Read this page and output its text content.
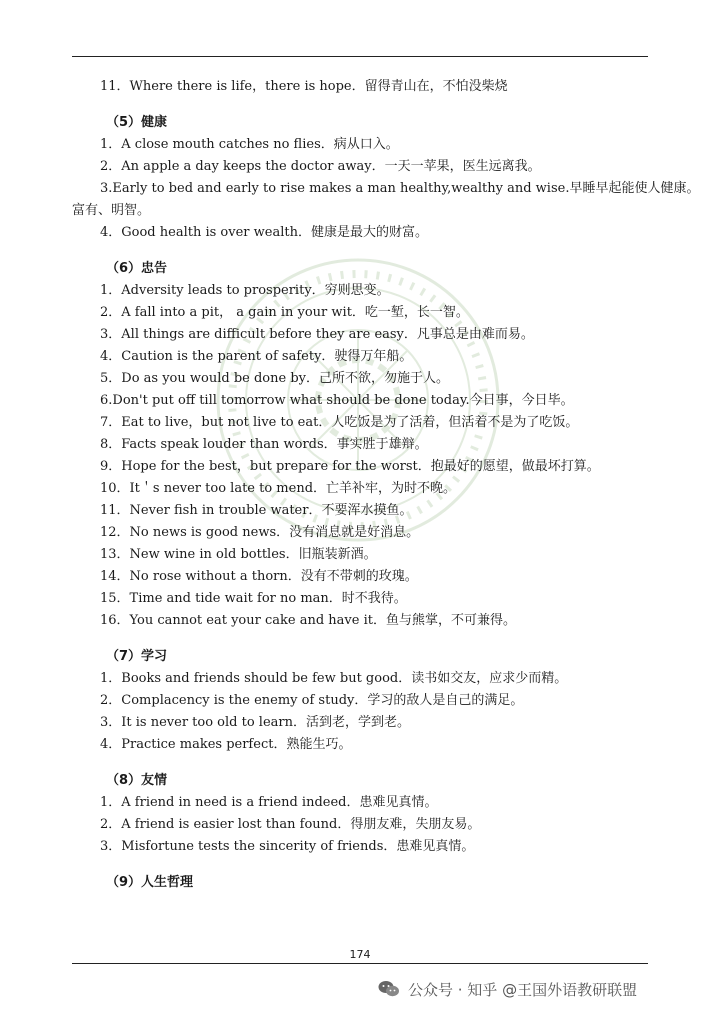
11．Where there is life，there is hope．留得青山在，不怕没柴烧
（5）健康
1．A close mouth catches no flies．病从口入。
2．An apple a day keeps the doctor away．一天一苹果，医生远离我。
3.Early to bed and early to rise makes a man healthy,wealthy and wise.早睡早起能使人健康。
富有、明智。
4．Good health is over wealth．健康是最大的财富。
（6）忠告
1．Adversity leads to prosperity．穷则思变。
2．A fall into a pit， a gain in your wit．吃一堑，长一智。
3．All things are difficult before they are easy．凡事总是由难而易。
4．Caution is the parent of safety．驶得万年船。
5．Do as you would be done by．己所不欲，勿施于人。
6.Don't put off till tomorrow what should be done today.今日事，今日毕。
7．Eat to live，but not live to eat．人吃饭是为了活着，但活着不是为了吃饭。
8．Facts speak louder than words．事实胜于雄辩。
9．Hope for the best，but prepare for the worst．抱最好的愿望，做最坏打算。
10．It＇s never too late to mend．亡羊补牢，为时不晚。
11．Never fish in trouble water．不要浑水摸鱼。
12．No news is good news．没有消息就是好消息。
13．New wine in old bottles．旧瓶装新酒。
14．No rose without a thorn．没有不带刺的玫瑰。
15．Time and tide wait for no man．时不我待。
16．You cannot eat your cake and have it．鱼与熊掌，不可兼得。
（7）学习
1．Books and friends should be few but good．读书如交友，应求少而精。
2．Complacency is the enemy of study．学习的敌人是自己的满足。
3．It is never too old to learn．活到老，学到老。
4．Practice makes perfect．熟能生巧。
（8）友情
1．A friend in need is a friend indeed．患难见真情。
2．A friend is easier lost than found．得朋友难，失朋友易。
3．Misfortune tests the sincerity of friends．患难见真情。
（9）人生哲理
174
公众号 · 知乎 @王国外语教研联盟
